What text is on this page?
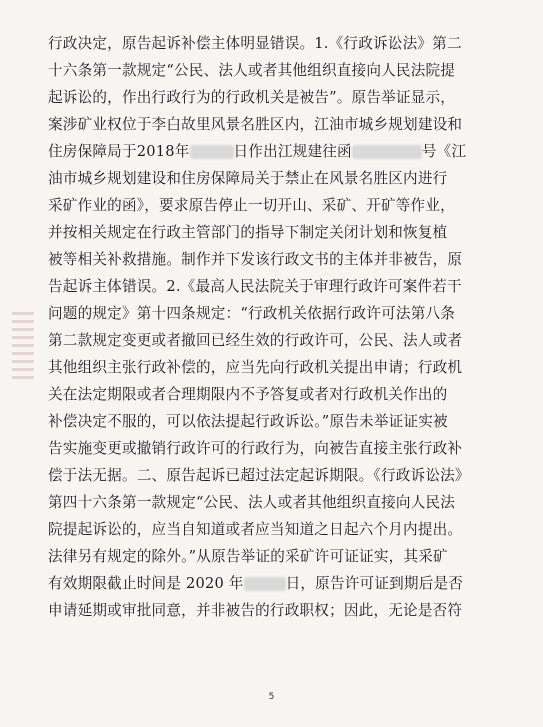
行政决定，原告起诉补偿主体明显错误。1.《行政诉讼法》第二
十六条第一款规定“公民、法人或者其他组织直接向人民法院提
起诉讼的，作出行政行为的行政机关是被告”。原告举证显示，
案涉矿业权位于李白故里风景名胜区内，江油市城乡规划建设和
住房保障局于2018年	日作出江规建往函	号《江
油市城乡规划建设和住房保障局关于禁止在风景名胜区内进行
采矿作业的函》，要求原告停止一切开山、采矿、开矿等作业，
并按相关规定在行政主管部门的指导下制定关闭计划和恢复植
被等相关补救措施。制作并下发该行政文书的主体并非被告，原
告起诉主体错误。2.《最高人民法院关于审理行政许可案件若干
问题的规定》第十四条规定：“行政机关依据行政许可法第八条
第二款规定变更或者撤回已经生效的行政许可，公民、法人或者
其他组织主张行政补偿的，应当先向行政机关提出申请；行政机
关在法定期限或者合理期限内不予答复或者对行政机关作出的
补偿决定不服的，可以依法提起行政诉讼。”原告未举证证实被
告实施变更或撤销行政许可的行政行为，向被告直接主张行政补
偿于法无据。二、原告起诉已超过法定起诉期限。《行政诉讼法》
第四十六条第一款规定“公民、法人或者其他组织直接向人民法
院提起诉讼的，应当自知道或者应当知道之日起六个月内提出。
法律另有规定的除外。”从原告举证的采矿许可证证实，其采矿
有效期限截止时间是 2020 年	日，原告许可证到期后是否
申请延期或审批同意，并非被告的行政职权；因此，无论是否符
5
